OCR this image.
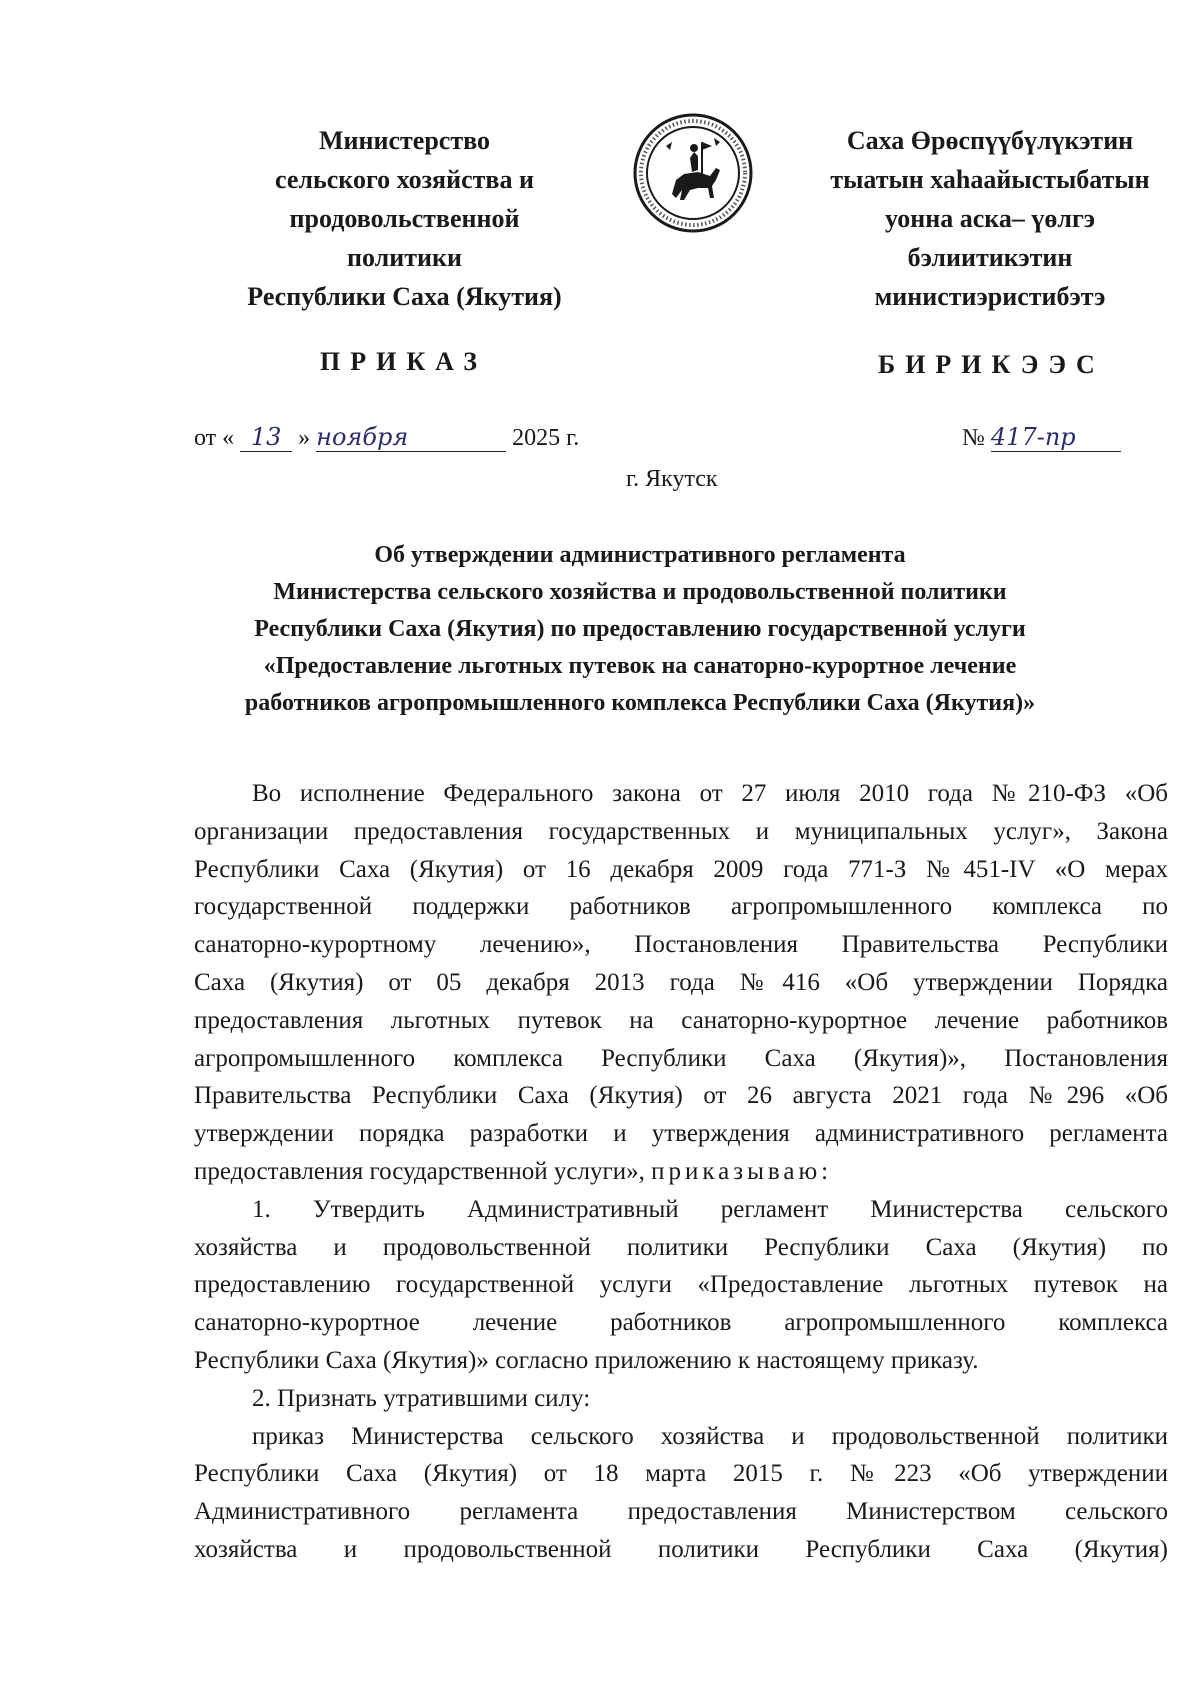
Министерство
сельского хозяйства и
продовольственной
политики
Республики Саха (Якутия)
Саха Өрөспүүбүлүкэтин
тыатын хаһаайыстыбатын
уонна аска– үөлгэ
бэлиитикэтин
министиэристибэтэ
ПРИКАЗ	БИРИКЭЭС
от « 13 » ноября	2025 г.	№ 417-пр
г. Якутск
Об утверждении административного регламента
Министерства сельского хозяйства и продовольственной политики
Республики Саха (Якутия) по предоставлению государственной услуги
«Предоставление льготных путевок на санаторно-курортное лечение
работников агропромышленного комплекса Республики Саха (Якутия)»
Во исполнение Федерального закона от 27 июля 2010 года №210-ФЗ «Об
организации предоставления государственных и муниципальных услуг», Закона
Республики Саха (Якутия) от 16 декабря 2009 года 771-З №451-IV «О мерах
государственной поддержки работников агропромышленного комплекса по
санаторно-курортному лечению», Постановления Правительства Республики
Саха (Якутия) от 05 декабря 2013 года №416 «Об утверждении Порядка
предоставления льготных путевок на санаторно-курортное лечение работников
агропромышленного комплекса Республики Саха (Якутия)», Постановления
Правительства Республики Саха (Якутия) от 26 августа 2021 года №296 «Об
утверждении порядка разработки и утверждения административного регламента
предоставления государственной услуги», приказываю:
1. Утвердить Административный регламент Министерства сельского
хозяйства и продовольственной политики Республики Саха (Якутия) по
предоставлению государственной услуги «Предоставление льготных путевок на
санаторно-курортное лечение работников агропромышленного комплекса
Республики Саха (Якутия)» согласно приложению к настоящему приказу.
2. Признать утратившими силу:
приказ Министерства сельского хозяйства и продовольственной политики
Республики Саха (Якутия) от 18 марта 2015 г. №223 «Об утверждении
Административного регламента предоставления Министерством сельского
хозяйства и продовольственной политики Республики Саха (Якутия)
